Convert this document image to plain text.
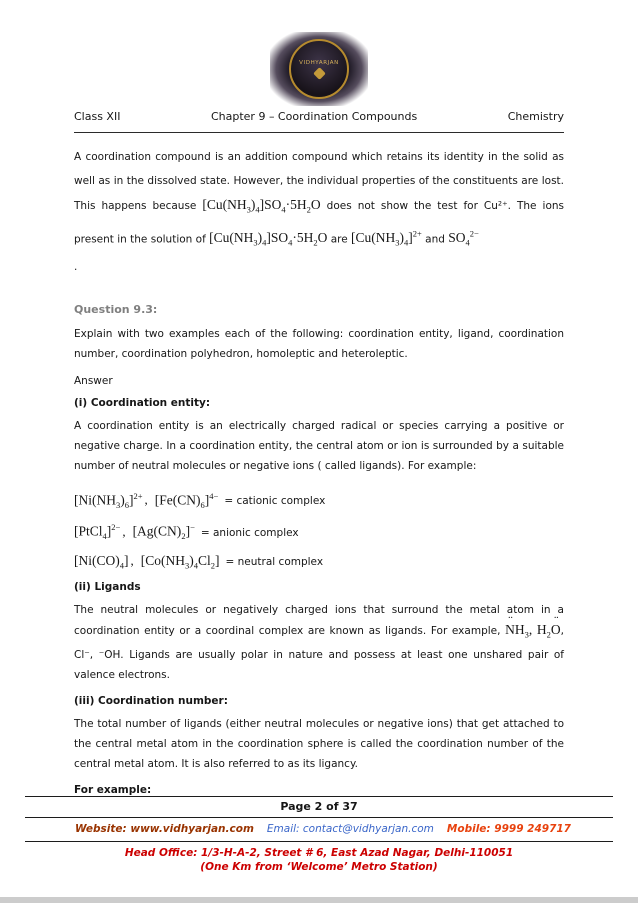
VIDHYARJAN
Class XII	Chapter 9 – Coordination Compounds	Chemistry

A coordination compound is an addition compound which retains its identity in the solid as well as in the dissolved state. However, the individual properties of the constituents are lost. This happens because $[Cu(NH_3)_4]SO_4\cdot 5H_2O$ does not show the test for Cu²⁺. The ions present in the solution of $[Cu(NH_3)_4]SO_4\cdot 5H_2O$ are $[Cu(NH_3)_4]^{2+}$ and $SO_4^{2-}$
.

Question 9.3:

Explain with two examples each of the following: coordination entity, ligand, coordination number, coordination polyhedron, homoleptic and heteroleptic.

Answer
(i) Coordination entity:

A coordination entity is an electrically charged radical or species carrying a positive or negative charge. In a coordination entity, the central atom or ion is surrounded by a suitable number of neutral molecules or negative ions ( called ligands). For example:

$[Ni(NH_3)_6]^{2+}$ , $[Fe(CN)_6]^{4-}$ = cationic complex
[PtCl$_4$]$^{2-}$ , $[Ag(CN)_2]^-$ = anionic complex
$[Ni(CO)_4]$ , $[Co(NH_3)_4Cl_2]$ = neutral complex
(ii) Ligands

The neutral molecules or negatively charged ions that surround the metal atom in a coordination entity or a coordinal complex are known as ligands. For example,
··
$NH_3$, $H_2$
··
O, Cl⁻, ⁻OH. Ligands are usually polar in nature and possess at least one unshared pair of valence electrons.

(iii) Coordination number:

The total number of ligands (either neutral molecules or negative ions) that get attached to the central metal atom in the coordination sphere is called the coordination number of the central metal atom. It is also referred to as its ligancy.

For example:
Page 2 of 37
Website: www.vidhyarjan.com Email: contact@vidhyarjan.com Mobile: 9999 249717
Head Office: 1/3-H-A-2, Street # 6, East Azad Nagar, Delhi-110051
(One Km from ‘Welcome’ Metro Station)
